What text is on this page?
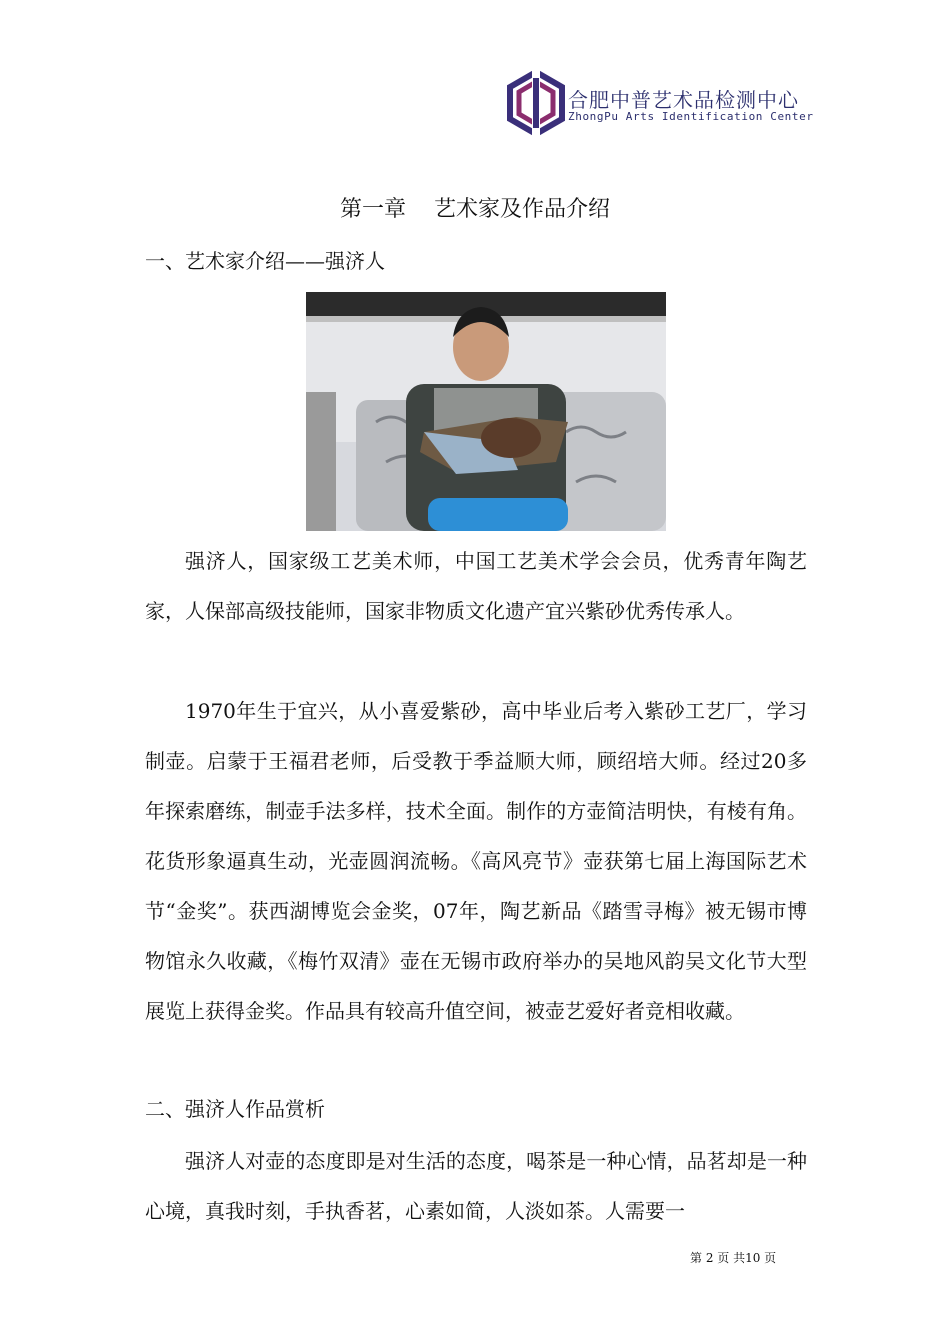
合肥中普艺术品检测中心
ZhongPu Arts Identification Center
第一章 艺术家及作品介绍
一、艺术家介绍——强济人

强济人，国家级工艺美术师，中国工艺美术学会会员，优秀青年陶艺家，人保部高级技能师，国家非物质文化遗产宜兴紫砂优秀传承人。

1970年生于宜兴，从小喜爱紫砂，高中毕业后考入紫砂工艺厂，学习制壶。启蒙于王福君老师，后受教于季益顺大师，顾绍培大师。经过20多年探索磨练，制壶手法多样，技术全面。制作的方壶简洁明快，有棱有角。花货形象逼真生动，光壶圆润流畅。《高风亮节》壶获第七届上海国际艺术节“金奖”。获西湖博览会金奖，07年，陶艺新品《踏雪寻梅》被无锡市博物馆永久收藏，《梅竹双清》壶在无锡市政府举办的吴地风韵吴文化节大型展览上获得金奖。作品具有较高升值空间，被壶艺爱好者竞相收藏。

二、强济人作品赏析

强济人对壶的态度即是对生活的态度，喝茶是一种心情，品茗却是一种心境，真我时刻，手执香茗，心素如简，人淡如茶。人需要一

第 2 页 共10 页
